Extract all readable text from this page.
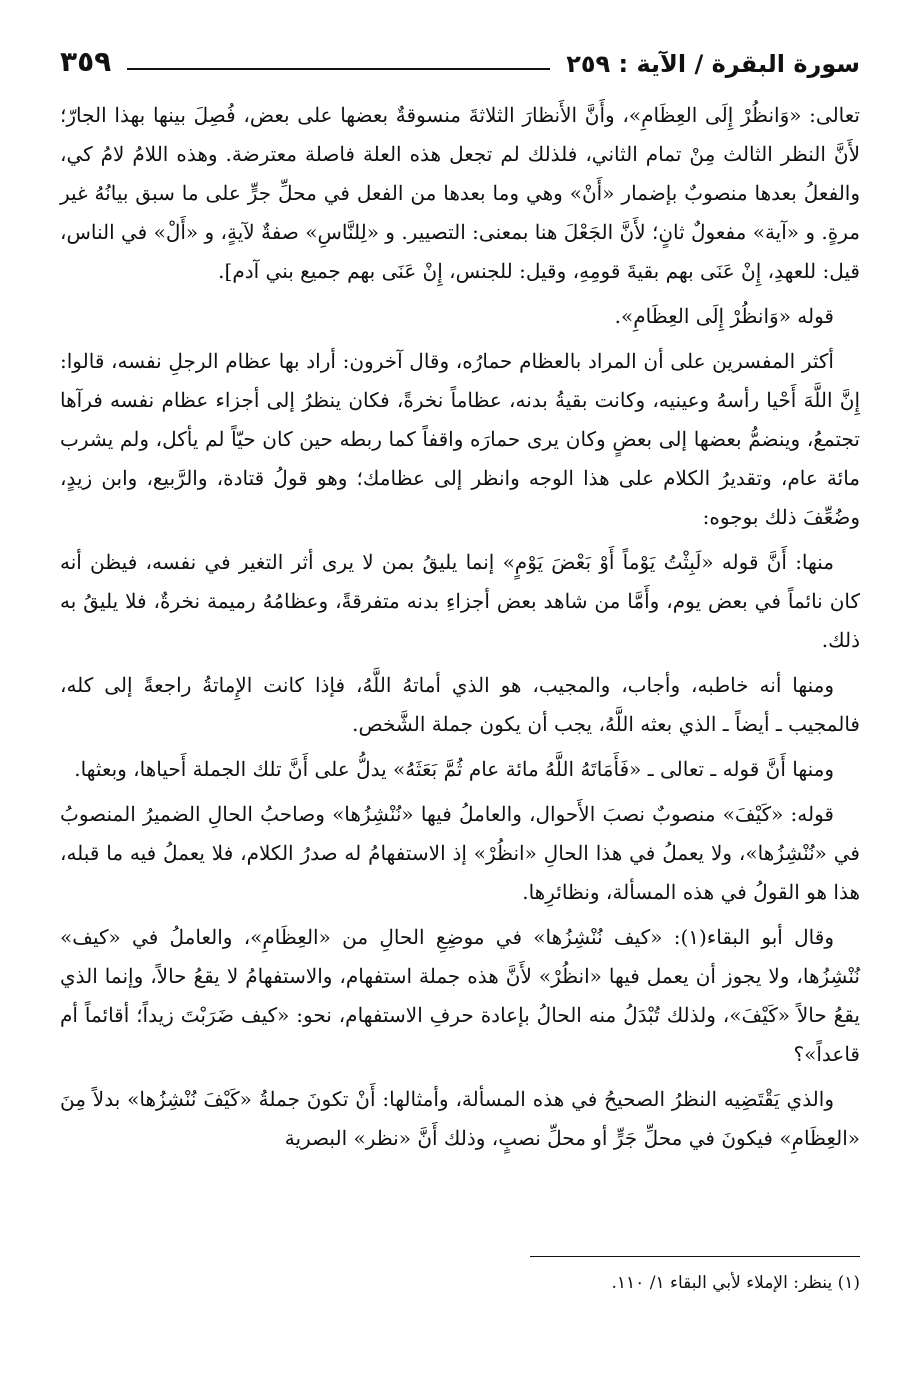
سورة البقرة / الآية : ٢٥٩
٣٥٩

تعالى: «وَانظُرْ إِلَى العِظَامِ»، وأَنَّ الأَنظارَ الثلاثةَ منسوقةٌ بعضها على بعض، فُصِلَ بينها بهذا الجارّ؛ لأَنَّ النظر الثالث مِنْ تمام الثاني، فلذلك لم تجعل هذه العلة فاصلة معترضة. وهذه اللامُ لامُ كي، والفعلُ بعدها منصوبٌ بإضمار «أَنْ» وهي وما بعدها من الفعل في محلِّ جرٍّ على ما سبق بيانُهُ غير مرةٍ. و «آية» مفعولٌ ثانٍ؛ لأَنَّ الجَعْلَ هنا بمعنى: التصيير. و «لِلنَّاسِ» صفةٌ لآيةٍ، و «أَلْ» في الناس، قيل: للعهدِ، إِنْ عَنَى بهم بقيةَ قومِهِ، وقيل: للجنس، إِنْ عَنَى بهم جميع بني آدم].

قوله «وَانظُرْ إِلَى العِظَامِ».

أكثر المفسرين على أن المراد بالعظام حمارُه، وقال آخرون: أراد بها عظام الرجلِ نفسه، قالوا: إِنَّ اللَّهَ أَحْيا رأسهُ وعينيه، وكانت بقيةُ بدنه، عظاماً نخرةً، فكان ينظرُ إلى أجزاء عظام نفسه فرآها تجتمعُ، وينضمُّ بعضها إلى بعضٍ وكان يرى حمارَه واقفاً كما ربطه حين كان حيّاً لم يأكل، ولم يشرب مائة عام، وتقديرُ الكلام على هذا الوجه وانظر إلى عظامك؛ وهو قولُ قتادة، والرَّبيع، وابن زيدٍ، وضُعِّفَ ذلك بوجوه:

منها: أَنَّ قوله «لَبِثْتُ يَوْماً أَوْ بَعْضَ يَوْمٍ» إنما يليقُ بمن لا يرى أثر التغير في نفسه، فيظن أنه كان نائماً في بعض يوم، وأَمَّا من شاهد بعض أجزاءِ بدنه متفرقةً، وعظامُهُ رميمة نخرةٌ، فلا يليقُ به ذلك.

ومنها أنه خاطبه، وأجاب، والمجيب، هو الذي أماتهُ اللَّهُ، فإذا كانت الإِماتةُ راجعةً إلى كله، فالمجيب ـ أيضاً ـ الذي بعثه اللَّهُ، يجب أن يكون جملة الشَّخص.

ومنها أَنَّ قوله ـ تعالى ـ «فَأَمَاتَهُ اللَّهُ مائة عام ثُمَّ بَعَثَهُ» يدلُّ على أَنَّ تلك الجملة أَحياها، وبعثها.

قوله: «كَيْفَ» منصوبٌ نصبَ الأَحوال، والعاملُ فيها «نُنْشِزُها» وصاحبُ الحالِ الضميرُ المنصوبُ في «نُنْشِزُها»، ولا يعملُ في هذا الحالِ «انظُرْ» إذ الاستفهامُ له صدرُ الكلام، فلا يعملُ فيه ما قبله، هذا هو القولُ في هذه المسألة، ونظائرِها.

وقال أبو البقاء(١): «كيف نُنْشِزُها» في موضِعِ الحالِ من «العِظَامِ»، والعاملُ في «كيف» نُنْشِزُها، ولا يجوز أن يعمل فيها «انظُرْ» لأَنَّ هذه جملة استفهام، والاستفهامُ لا يقعُ حالاً، وإنما الذي يقعُ حالاً «كَيْفَ»، ولذلك تُبْدَلُ منه الحالُ بإعادة حرفِ الاستفهام، نحو: «كيف ضَرَبْتَ زيداً؛ أقائماً أم قاعداً»؟

والذي يَقْتَضِيه النظرُ الصحيحُ في هذه المسألة، وأمثالها: أَنْ تكونَ جملةُ «كَيْفَ نُنْشِزُها» بدلاً مِنَ «العِظَامِ» فيكونَ في محلِّ جَرٍّ أو محلِّ نصبٍ، وذلك أَنَّ «نظر» البصرية

(١) ينظر: الإملاء لأبي البقاء ١/ ١١٠.
